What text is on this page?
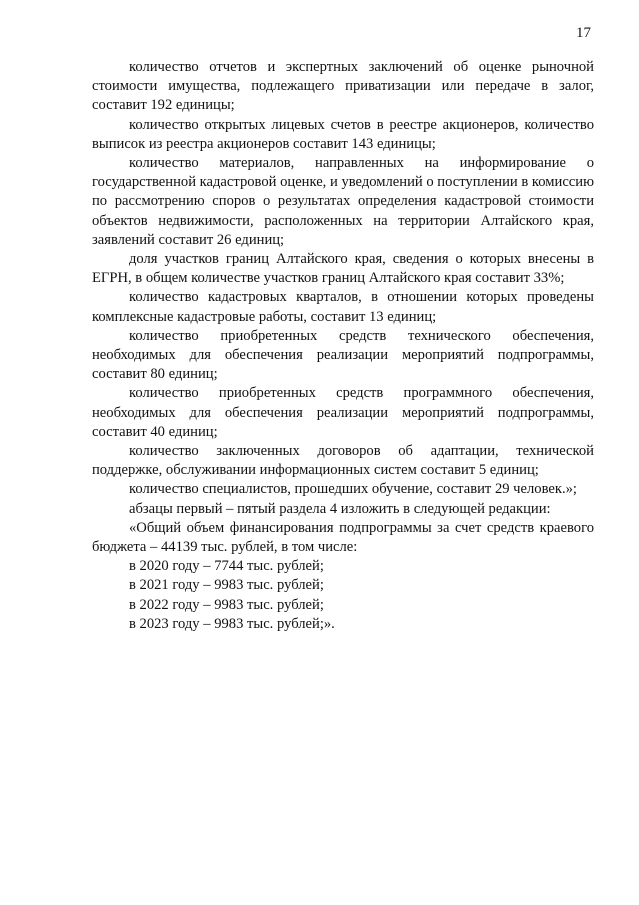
17

количество отчетов и экспертных заключений об оценке рыночной стоимости имущества, подлежащего приватизации или передаче в залог, составит 192 единицы;

количество открытых лицевых счетов в реестре акционеров, количество выписок из реестра акционеров составит 143 единицы;

количество материалов, направленных на информирование о государственной кадастровой оценке, и уведомлений о поступлении в комиссию по рассмотрению споров о результатах определения кадастровой стоимости объектов недвижимости, расположенных на территории Алтайского края, заявлений составит 26 единиц;

доля участков границ Алтайского края, сведения о которых внесены в ЕГРН, в общем количестве участков границ Алтайского края составит 33%;

количество кадастровых кварталов, в отношении которых проведены комплексные кадастровые работы, составит 13 единиц;

количество приобретенных средств технического обеспечения, необходимых для обеспечения реализации мероприятий подпрограммы, составит 80 единиц;

количество приобретенных средств программного обеспечения, необходимых для обеспечения реализации мероприятий подпрограммы, составит 40 единиц;

количество заключенных договоров об адаптации, технической поддержке, обслуживании информационных систем составит 5 единиц;

количество специалистов, прошедших обучение, составит 29 человек.»;

абзацы первый – пятый раздела 4 изложить в следующей редакции:

«Общий объем финансирования подпрограммы за счет средств краевого бюджета – 44139 тыс. рублей, в том числе:

в 2020 году – 7744 тыс. рублей;

в 2021 году – 9983 тыс. рублей;

в 2022 году – 9983 тыс. рублей;

в 2023 году – 9983 тыс. рублей;».
